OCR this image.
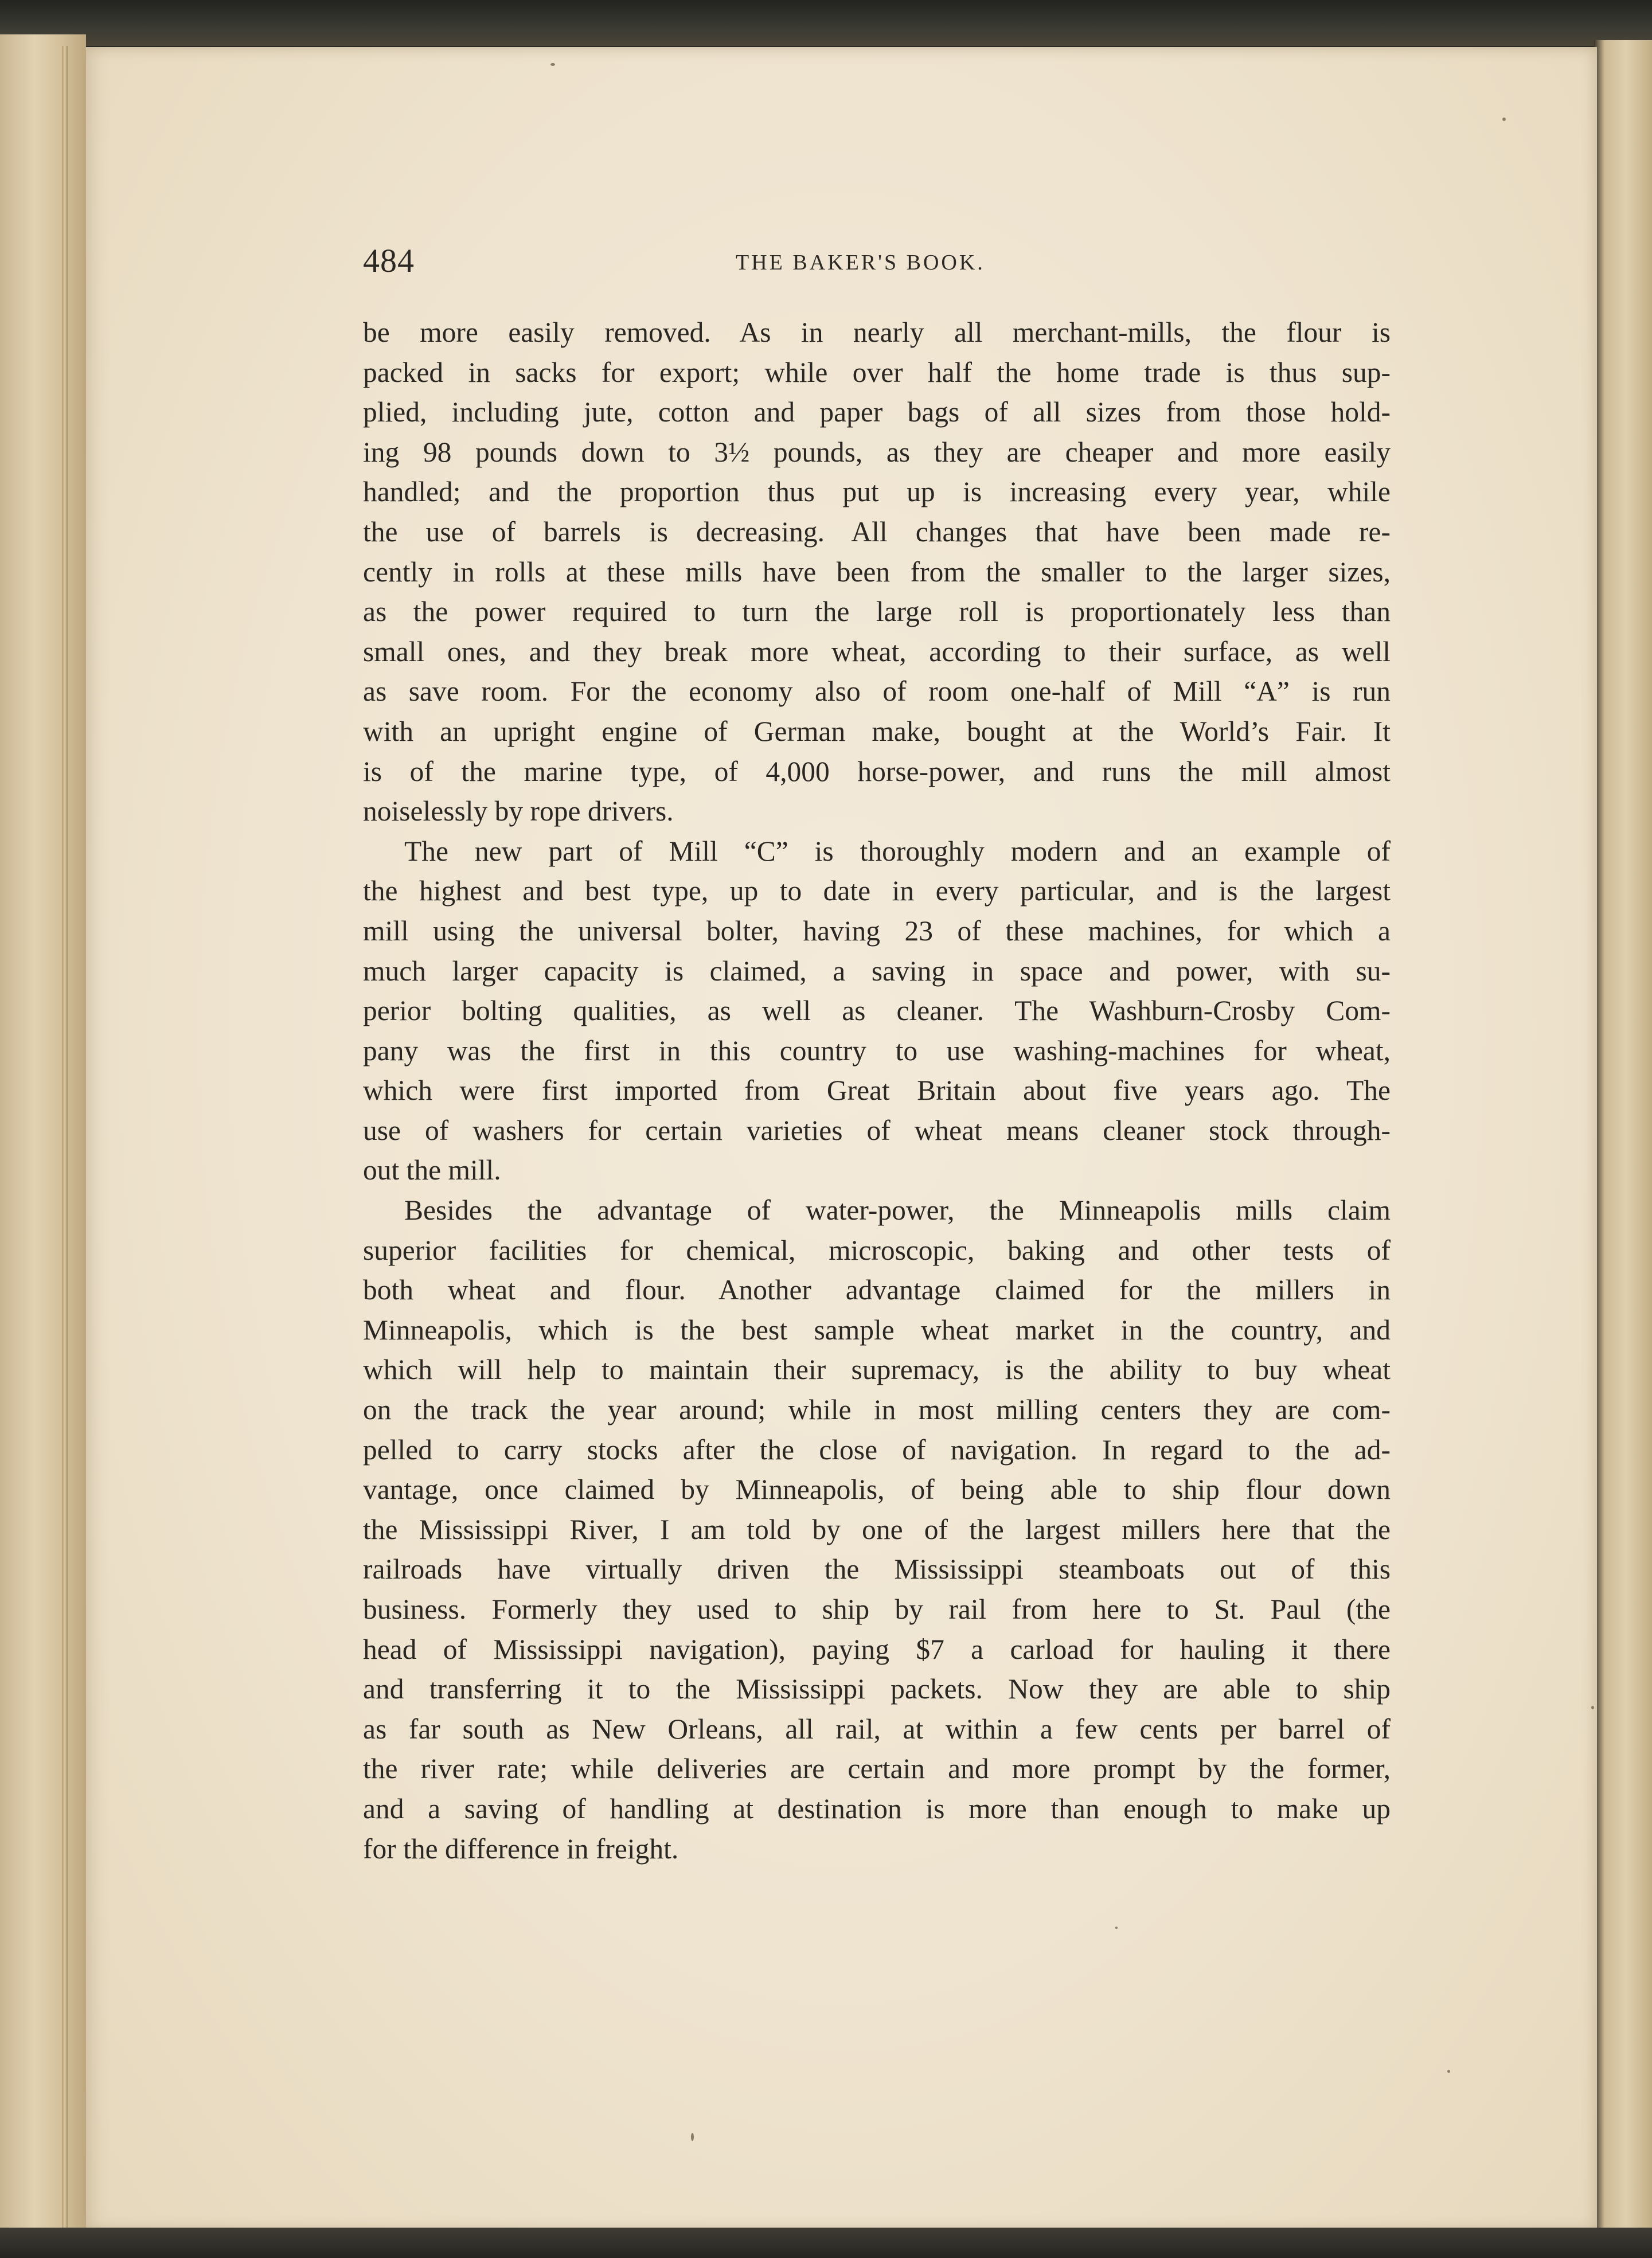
484	THE BAKER'S BOOK.
be more easily removed. As in nearly all merchant-mills, the flour is
packed in sacks for export; while over half the home trade is thus sup-
plied, including jute, cotton and paper bags of all sizes from those hold-
ing 98 pounds down to 3½ pounds, as they are cheaper and more easily
handled; and the proportion thus put up is increasing every year, while
the use of barrels is decreasing. All changes that have been made re-
cently in rolls at these mills have been from the smaller to the larger sizes,
as the power required to turn the large roll is proportionately less than
small ones, and they break more wheat, according to their surface, as well
as save room. For the economy also of room one-half of Mill “A” is run
with an upright engine of German make, bought at the World’s Fair. It
is of the marine type, of 4,000 horse-power, and runs the mill almost
noiselessly by rope drivers.
The new part of Mill “C” is thoroughly modern and an example of
the highest and best type, up to date in every particular, and is the largest
mill using the universal bolter, having 23 of these machines, for which a
much larger capacity is claimed, a saving in space and power, with su-
perior bolting qualities, as well as cleaner. The Washburn-Crosby Com-
pany was the first in this country to use washing-machines for wheat,
which were first imported from Great Britain about five years ago. The
use of washers for certain varieties of wheat means cleaner stock through-
out the mill.
Besides the advantage of water-power, the Minneapolis mills claim
superior facilities for chemical, microscopic, baking and other tests of
both wheat and flour. Another advantage claimed for the millers in
Minneapolis, which is the best sample wheat market in the country, and
which will help to maintain their supremacy, is the ability to buy wheat
on the track the year around; while in most milling centers they are com-
pelled to carry stocks after the close of navigation. In regard to the ad-
vantage, once claimed by Minneapolis, of being able to ship flour down
the Mississippi River, I am told by one of the largest millers here that the
railroads have virtually driven the Mississippi steamboats out of this
business. Formerly they used to ship by rail from here to St. Paul (the
head of Mississippi navigation), paying $7 a carload for hauling it there
and transferring it to the Mississippi packets. Now they are able to ship
as far south as New Orleans, all rail, at within a few cents per barrel of
the river rate; while deliveries are certain and more prompt by the former,
and a saving of handling at destination is more than enough to make up
for the difference in freight.
